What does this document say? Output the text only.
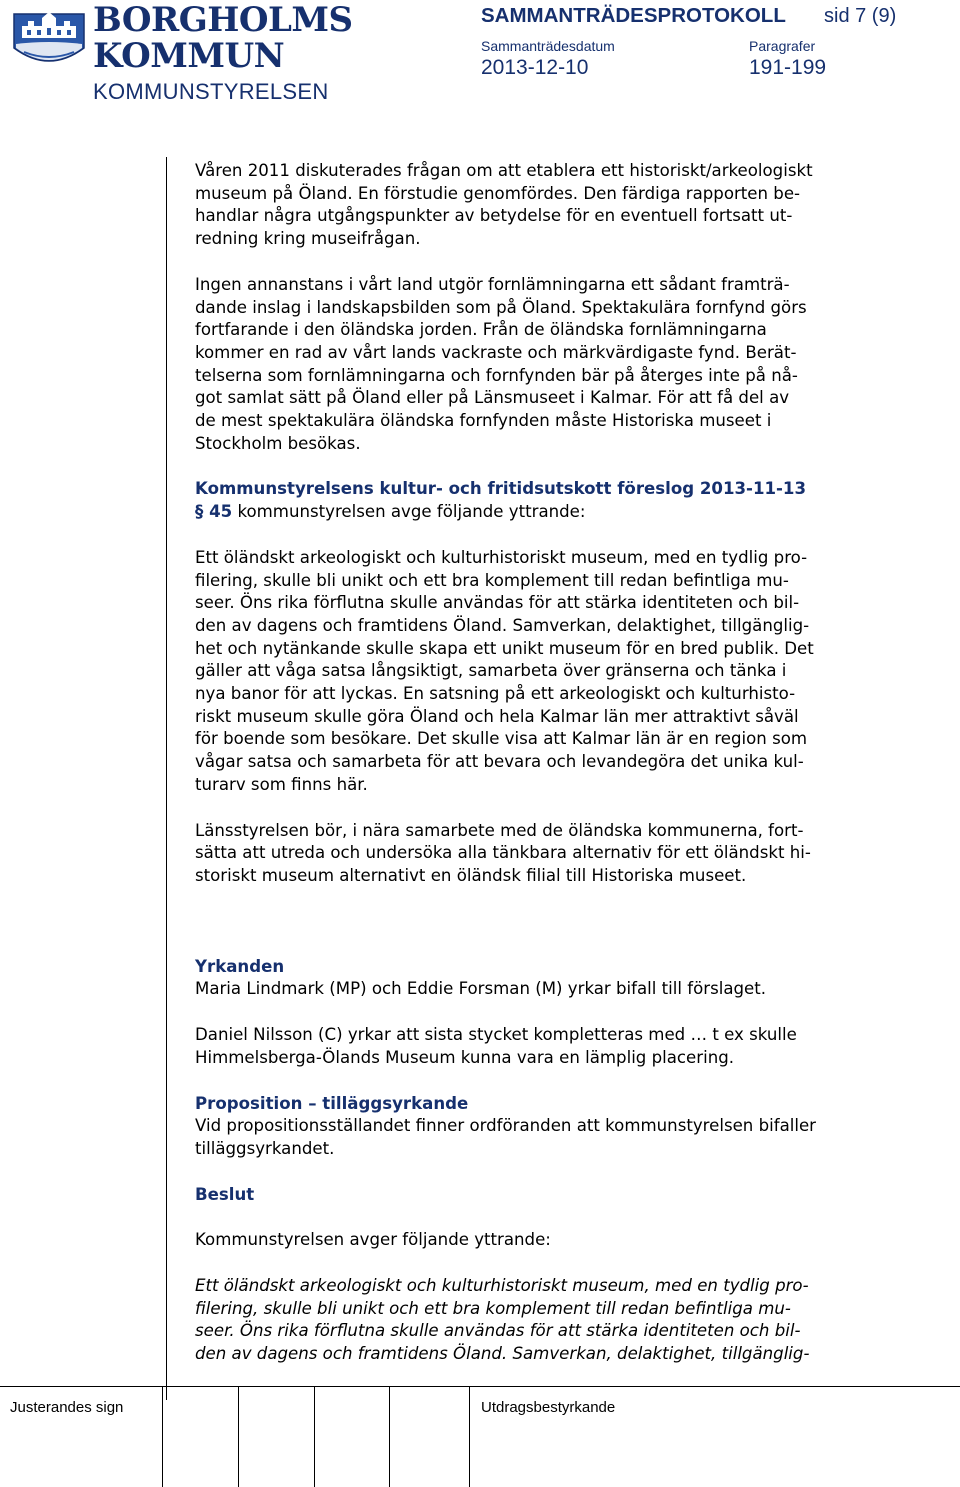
BORGHOLMS
KOMMUN
KOMMUNSTYRELSEN
SAMMANTRÄDESPROTOKOLL sid 7 (9)
Sammanträdesdatum	Paragrafer
2013-12-10	191-199

Våren 2011 diskuterades frågan om att etablera ett historiskt/arkeologiskt
museum på Öland. En förstudie genomfördes. Den färdiga rapporten be-
handlar några utgångspunkter av betydelse för en eventuell fortsatt ut-
redning kring museifrågan.

Ingen annanstans i vårt land utgör fornlämningarna ett sådant framträ-
dande inslag i landskapsbilden som på Öland. Spektakulära fornfynd görs
fortfarande i den öländska jorden. Från de öländska fornlämningarna
kommer en rad av vårt lands vackraste och märkvärdigaste fynd. Berät-
telserna som fornlämningarna och fornfynden bär på återges inte på nå-
got samlat sätt på Öland eller på Länsmuseet i Kalmar. För att få del av
de mest spektakulära öländska fornfynden måste Historiska museet i
Stockholm besökas.

Kommunstyrelsens kultur- och fritidsutskott föreslog 2013-11-13
§ 45 kommunstyrelsen avge följande yttrande:

Ett öländskt arkeologiskt och kulturhistoriskt museum, med en tydlig pro-
filering, skulle bli unikt och ett bra komplement till redan befintliga mu-
seer. Öns rika förflutna skulle användas för att stärka identiteten och bil-
den av dagens och framtidens Öland. Samverkan, delaktighet, tillgänglig-
het och nytänkande skulle skapa ett unikt museum för en bred publik. Det
gäller att våga satsa långsiktigt, samarbeta över gränserna och tänka i
nya banor för att lyckas. En satsning på ett arkeologiskt och kulturhisto-
riskt museum skulle göra Öland och hela Kalmar län mer attraktivt såväl
för boende som besökare. Det skulle visa att Kalmar län är en region som
vågar satsa och samarbeta för att bevara och levandegöra det unika kul-
turarv som finns här.

Länsstyrelsen bör, i nära samarbete med de öländska kommunerna, fort-
sätta att utreda och undersöka alla tänkbara alternativ för ett öländskt hi-
storiskt museum alternativt en öländsk filial till Historiska museet.

Yrkanden
Maria Lindmark (MP) och Eddie Forsman (M) yrkar bifall till förslaget.

Daniel Nilsson (C) yrkar att sista stycket kompletteras med … t ex skulle
Himmelsberga-Ölands Museum kunna vara en lämplig placering.

Proposition – tilläggsyrkande
Vid propositionsställandet finner ordföranden att kommunstyrelsen bifaller
tilläggsyrkandet.

Beslut

Kommunstyrelsen avger följande yttrande:

Ett öländskt arkeologiskt och kulturhistoriskt museum, med en tydlig pro-
filering, skulle bli unikt och ett bra komplement till redan befintliga mu-
seer. Öns rika förflutna skulle användas för att stärka identiteten och bil-
den av dagens och framtidens Öland. Samverkan, delaktighet, tillgänglig-

Justerandes sign	Utdragsbestyrkande
